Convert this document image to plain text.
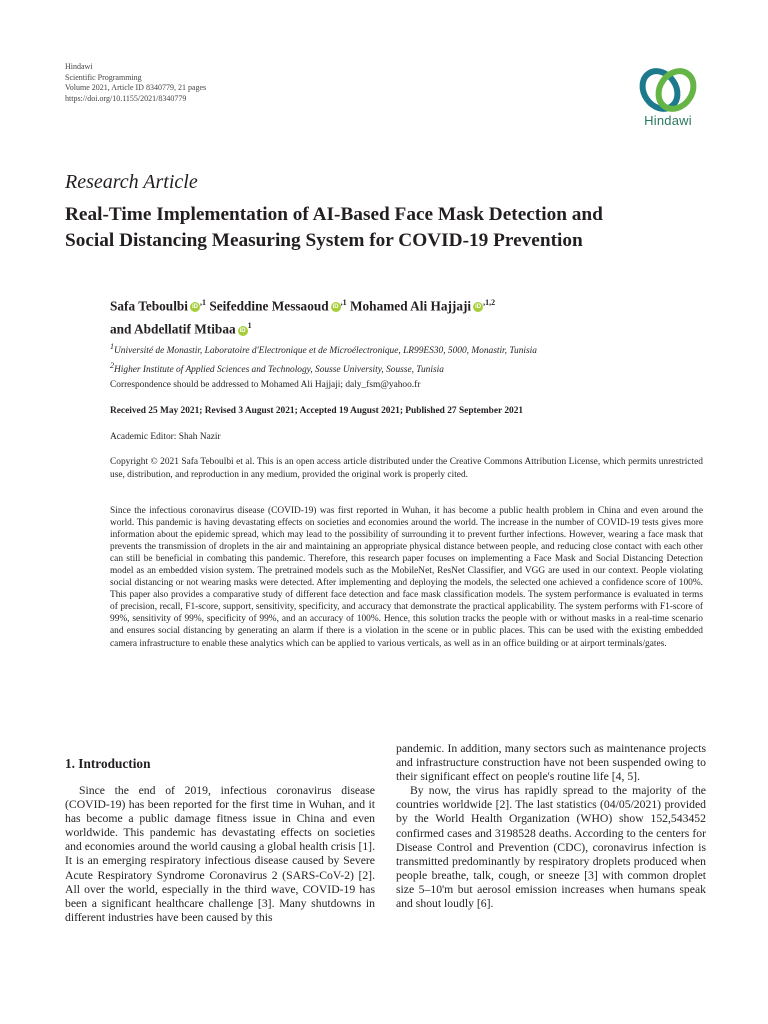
Hindawi
Scientific Programming
Volume 2021, Article ID 8340779, 21 pages
https://doi.org/10.1155/2021/8340779
Hindawi
Research Article
Real-Time Implementation of AI-Based Face Mask Detection and
Social Distancing Measuring System for COVID-19 Prevention
Safa Teboulbi $iD^{,1}$ Seifeddine Messaoud $iD^{,1}$ Mohamed Ali Hajjaji $iD^{,1,2}$
and Abdellatif Mtibaa $iD^1$
$^1$Université de Monastir, Laboratoire d'Electronique et de Microélectronique, LR99ES30, 5000, Monastir, Tunisia
$^2$Higher Institute of Applied Sciences and Technology, Sousse University, Sousse, Tunisia
Correspondence should be addressed to Mohamed Ali Hajjaji; daly_fsm@yahoo.fr
Received 25 May 2021; Revised 3 August 2021; Accepted 19 August 2021; Published 27 September 2021
Academic Editor: Shah Nazir
Copyright © 2021 Safa Teboulbi et al. This is an open access article distributed under the Creative Commons Attribution License, which permits unrestricted use, distribution, and reproduction in any medium, provided the original work is properly cited.
Since the infectious coronavirus disease (COVID-19) was first reported in Wuhan, it has become a public health problem in China and even around the world. This pandemic is having devastating effects on societies and economies around the world. The increase in the number of COVID-19 tests gives more information about the epidemic spread, which may lead to the possibility of surrounding it to prevent further infections. However, wearing a face mask that prevents the transmission of droplets in the air and maintaining an appropriate physical distance between people, and reducing close contact with each other can still be beneficial in combating this pandemic. Therefore, this research paper focuses on implementing a Face Mask and Social Distancing Detection model as an embedded vision system. The pretrained models such as the MobileNet, ResNet Classifier, and VGG are used in our context. People violating social distancing or not wearing masks were detected. After implementing and deploying the models, the selected one achieved a confidence score of 100%. This paper also provides a comparative study of different face detection and face mask classification models. The system performance is evaluated in terms of precision, recall, F1-score, support, sensitivity, specificity, and accuracy that demonstrate the practical applicability. The system performs with F1-score of 99%, sensitivity of 99%, specificity of 99%, and an accuracy of 100%. Hence, this solution tracks the people with or without masks in a real-time scenario and ensures social distancing by generating an alarm if there is a violation in the scene or in public places. This can be used with the existing embedded camera infrastructure to enable these analytics which can be applied to various verticals, as well as in an office building or at airport terminals/gates.
1. Introduction

Since the end of 2019, infectious coronavirus disease (COVID-19) has been reported for the first time in Wuhan, and it has become a public damage fitness issue in China and even worldwide. This pandemic has devastating effects on societies and economies around the world causing a global health crisis [1]. It is an emerging respiratory infectious disease caused by Severe Acute Respiratory Syndrome Coronavirus 2 (SARS-CoV-2) [2]. All over the world, especially in the third wave, COVID-19 has been a significant healthcare challenge [3]. Many shutdowns in different industries have been caused by this

pandemic. In addition, many sectors such as maintenance projects and infrastructure construction have not been suspended owing to their significant effect on people's routine life [4, 5].

By now, the virus has rapidly spread to the majority of the countries worldwide [2]. The last statistics (04/05/2021) provided by the World Health Organization (WHO) show 152,543452 confirmed cases and 3198528 deaths. According to the centers for Disease Control and Prevention (CDC), coronavirus infection is transmitted predominantly by respiratory droplets produced when people breathe, talk, cough, or sneeze [3] with common droplet size 5–10'm but aerosol emission increases when humans speak and shout loudly [6].
